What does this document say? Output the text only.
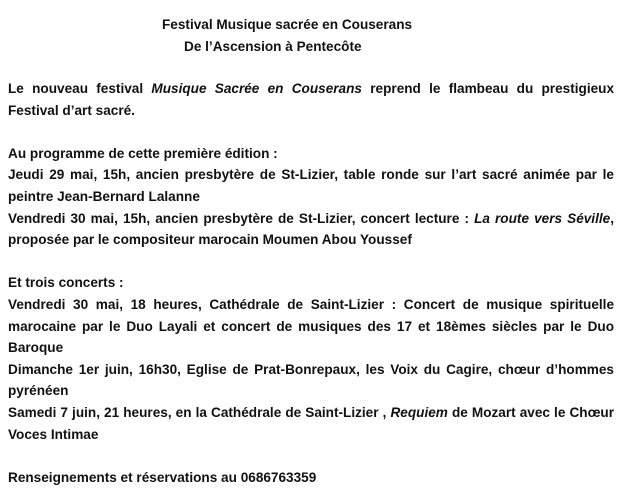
Festival Musique sacrée en Couserans
De l’Ascension à Pentecôte

Le nouveau festival Musique Sacrée en Couserans reprend le flambeau du prestigieux Festival d’art sacré.

Au programme de cette première édition :

Jeudi 29 mai, 15h, ancien presbytère de St-Lizier, table ronde sur l’art sacré animée par le peintre Jean-Bernard Lalanne

Vendredi 30 mai, 15h, ancien presbytère de St-Lizier, concert lecture : La route vers Séville, proposée par le compositeur marocain Moumen Abou Youssef

Et trois concerts :

Vendredi 30 mai, 18 heures, Cathédrale de Saint-Lizier : Concert de musique spirituelle marocaine par le Duo Layali et concert de musiques des 17 et 18èmes siècles par le Duo Baroque

Dimanche 1er juin, 16h30, Eglise de Prat-Bonrepaux, les Voix du Cagire, chœur d’hommes pyrénéen

Samedi 7 juin, 21 heures, en la Cathédrale de Saint-Lizier , Requiem de Mozart avec le Chœur Voces Intimae

Renseignements et réservations au 0686763359
